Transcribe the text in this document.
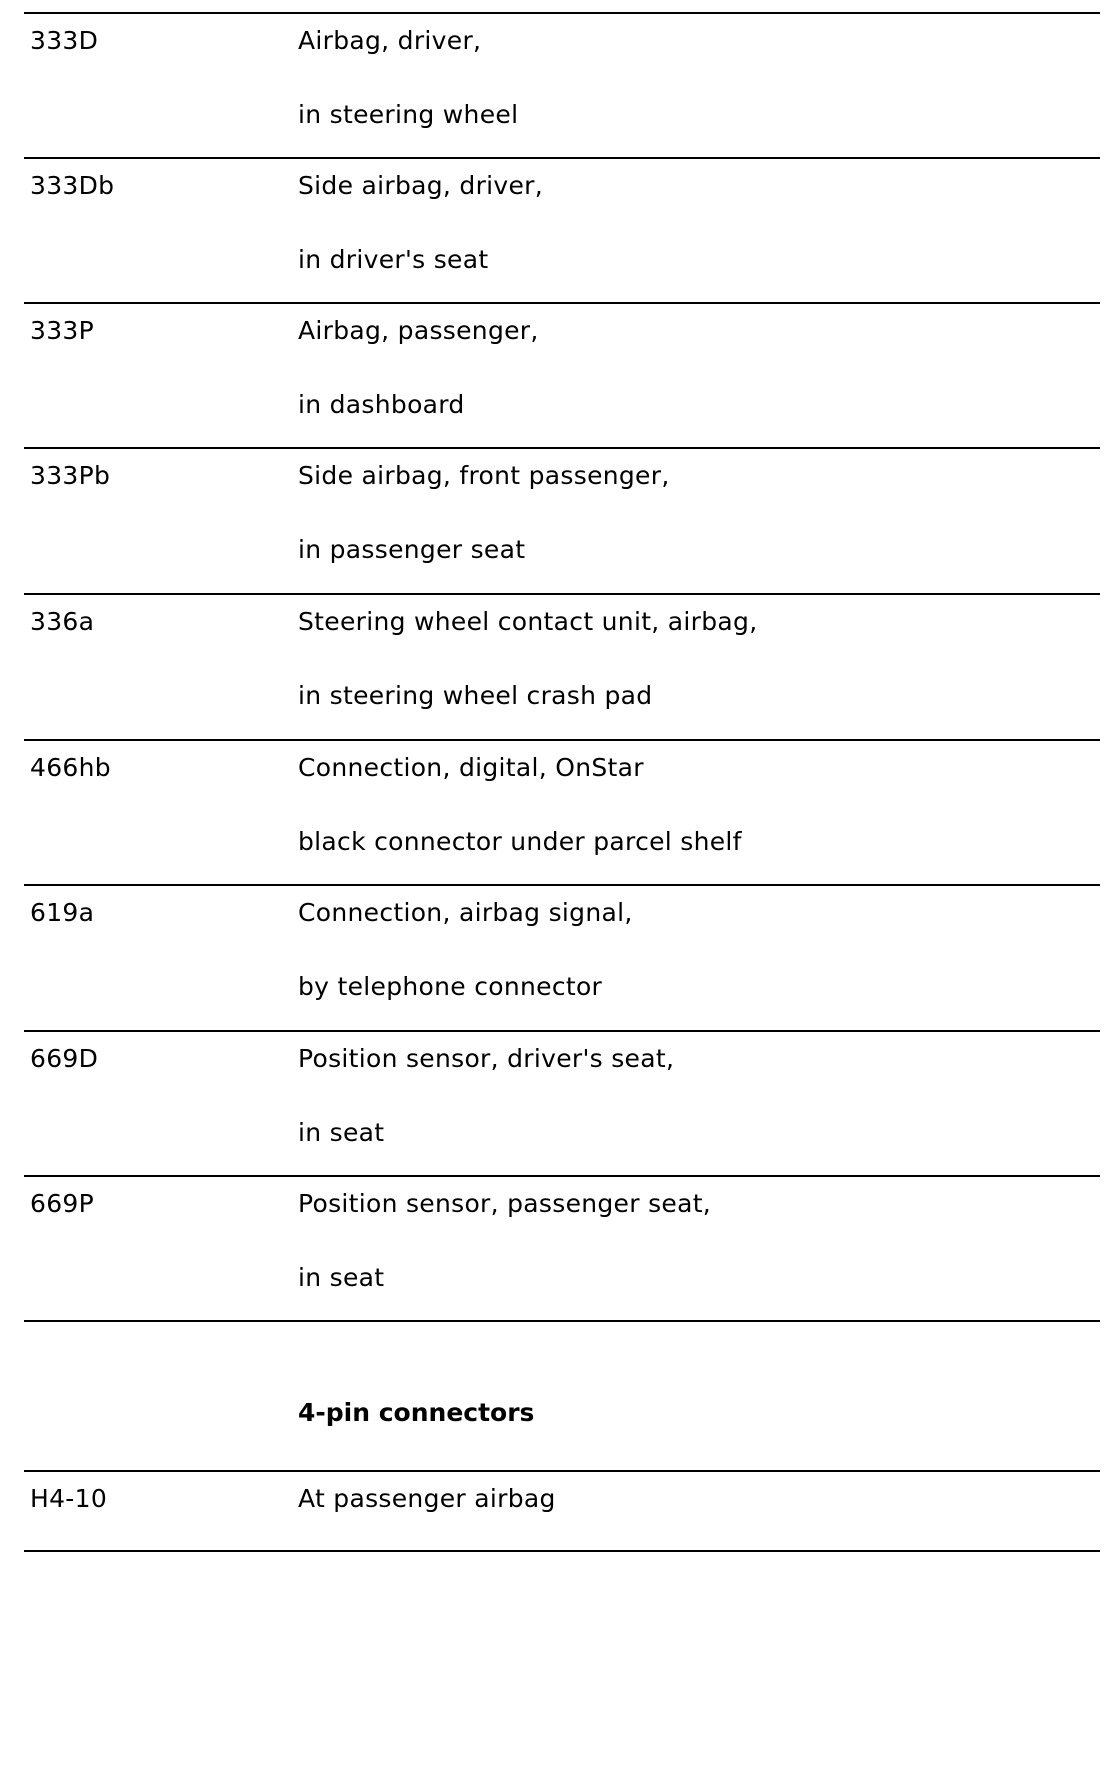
333D	Airbag, driver,
in steering wheel
333Db	Side airbag, driver,
in driver's seat
333P	Airbag, passenger,
in dashboard
333Pb	Side airbag, front passenger,
in passenger seat
336a	Steering wheel contact unit, airbag,
in steering wheel crash pad
466hb	Connection, digital, OnStar
black connector under parcel shelf
619a	Connection, airbag signal,
by telephone connector
669D	Position sensor, driver's seat,
in seat
669P	Position sensor, passenger seat,
in seat
4-pin connectors
H4-10	At passenger airbag
